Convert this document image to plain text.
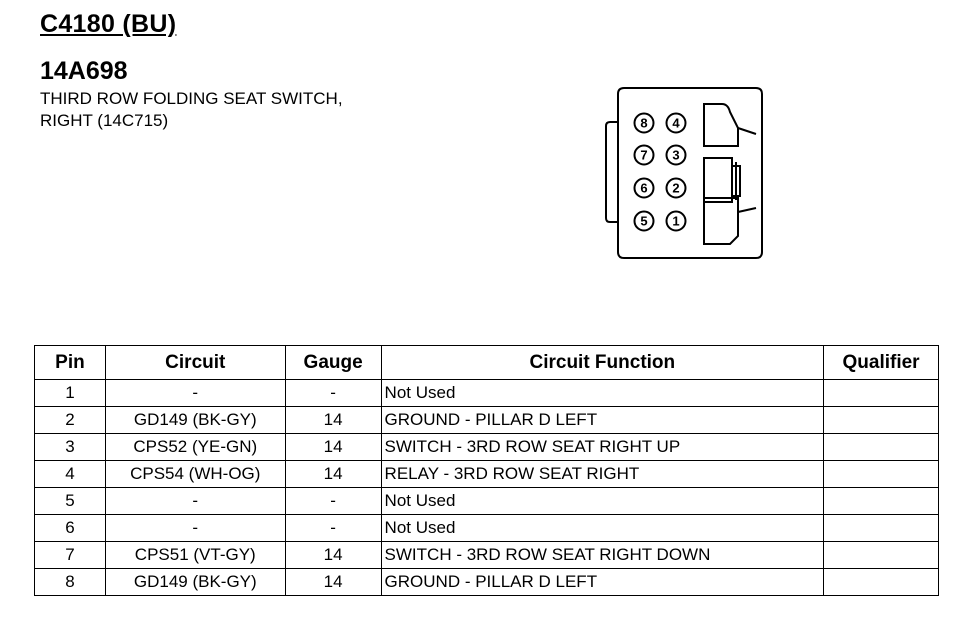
C4180 (BU)
14A698
THIRD ROW FOLDING SEAT SWITCH,
RIGHT (14C715)	8
7
6
5
4
3
2
1
Pin	Circuit	Gauge	Circuit Function	Qualifier
1	-	-	Not Used	
2	GD149 (BK-GY)	14	GROUND - PILLAR D LEFT	
3	CPS52 (YE-GN)	14	SWITCH - 3RD ROW SEAT RIGHT UP	
4	CPS54 (WH-OG)	14	RELAY - 3RD ROW SEAT RIGHT	
5	-	-	Not Used	
6	-	-	Not Used	
7	CPS51 (VT-GY)	14	SWITCH - 3RD ROW SEAT RIGHT DOWN	
8	GD149 (BK-GY)	14	GROUND - PILLAR D LEFT	
